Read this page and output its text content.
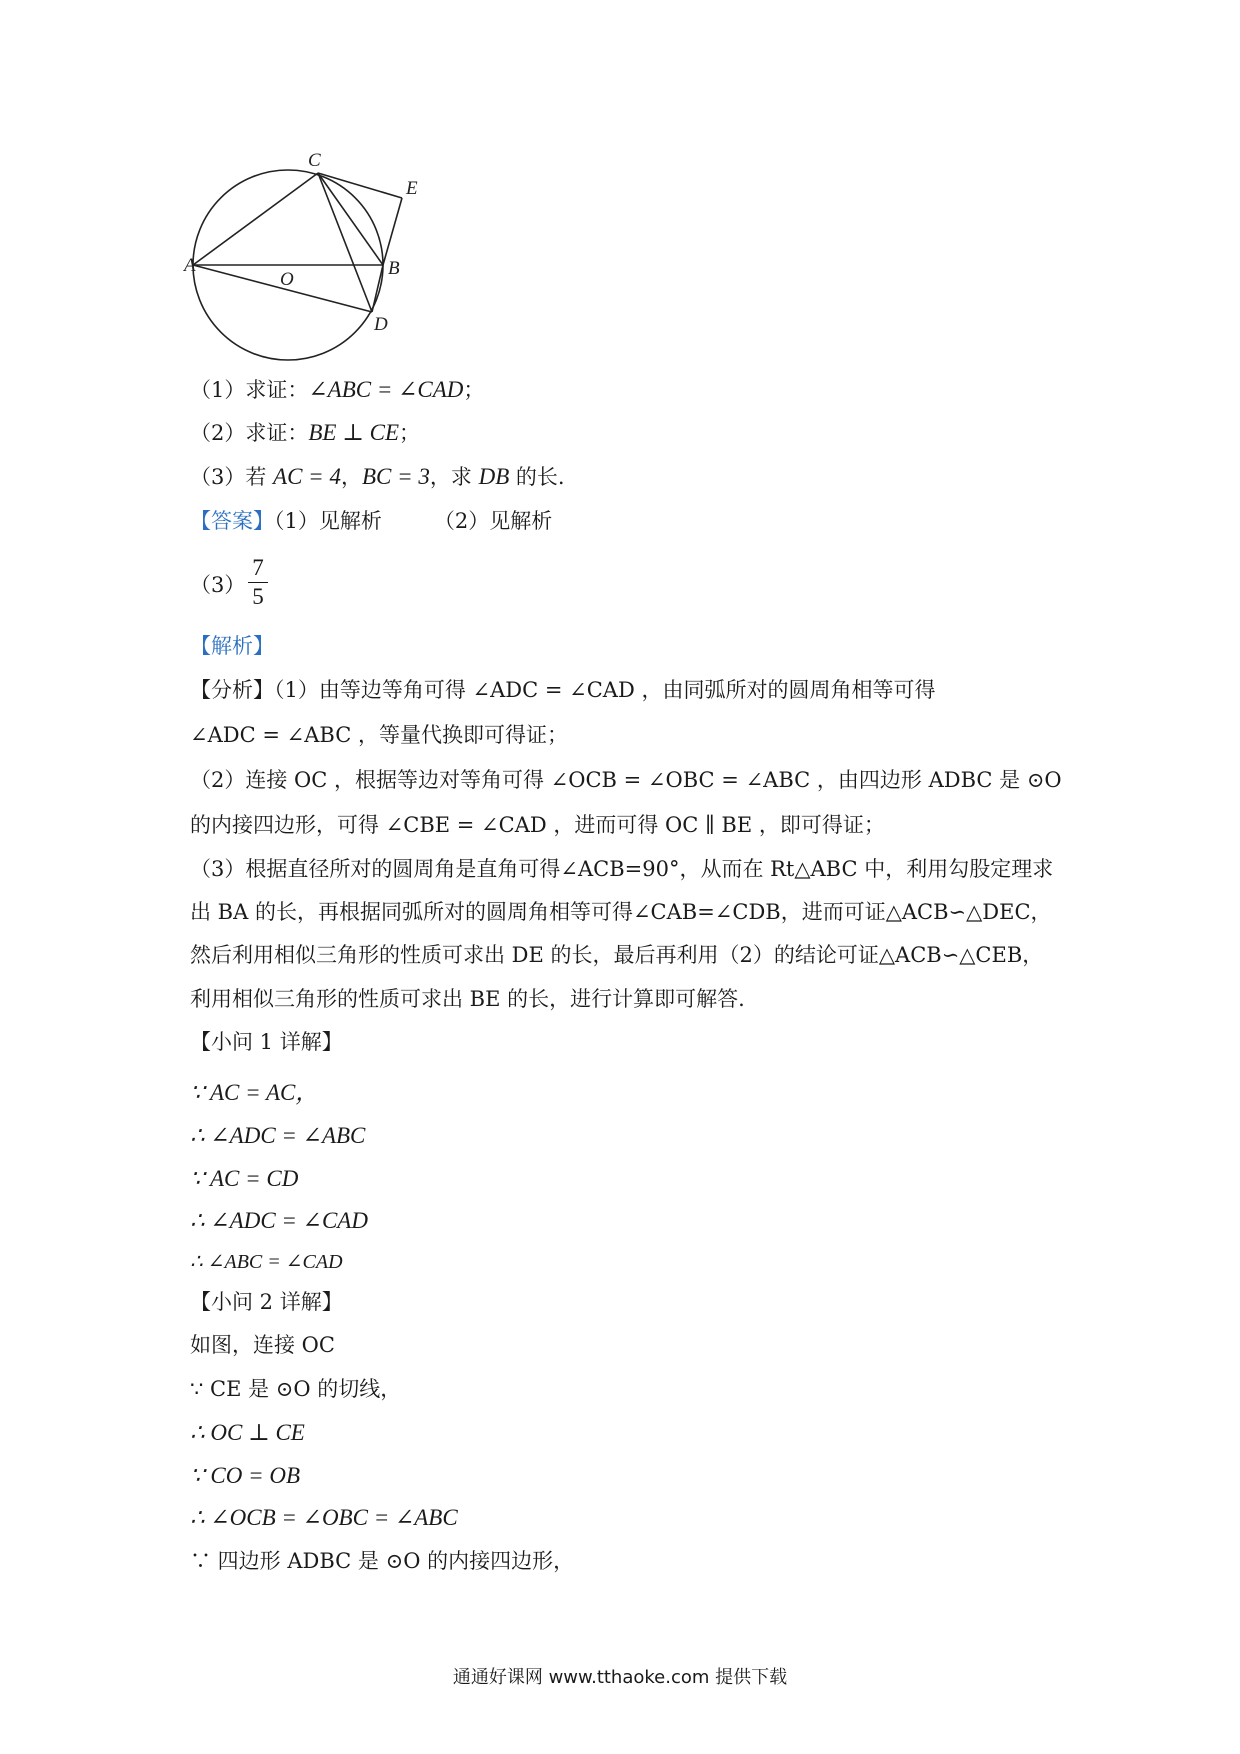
C
E
A
O
B
D
（1）求证：∠ABC = ∠CAD；
（2）求证：BE ⊥ CE；
（3）若 AC = 4，BC = 3，求 DB 的长.
【答案】（1）见解析 （2）见解析
（3）
7
5
【解析】
【分析】（1）由等边等角可得 ∠ADC = ∠CAD ，由同弧所对的圆周角相等可得
∠ADC = ∠ABC ，等量代换即可得证；
（2）连接 OC ，根据等边对等角可得 ∠OCB = ∠OBC = ∠ABC ，由四边形 ADBC 是 ⊙O
的内接四边形，可得 ∠CBE = ∠CAD ，进而可得 OC ∥ BE ，即可得证；
（3）根据直径所对的圆周角是直角可得∠ACB=90°，从而在 Rt△ABC 中，利用勾股定理求
出 BA 的长，再根据同弧所对的圆周角相等可得∠CAB=∠CDB，进而可证△ACB∽△DEC，
然后利用相似三角形的性质可求出 DE 的长，最后再利用（2）的结论可证△ACB∽△CEB，
利用相似三角形的性质可求出 BE 的长，进行计算即可解答.
【小问 1 详解】
∵ AC = AC，
∴ ∠ADC = ∠ABC
∵ AC = CD
∴ ∠ADC = ∠CAD
∴ ∠ABC = ∠CAD
【小问 2 详解】
如图，连接 OC
∵ CE 是 ⊙O 的切线，
∴ OC ⊥ CE
∵ CO = OB
∴ ∠OCB = ∠OBC = ∠ABC
∵ 四边形 ADBC 是 ⊙O 的内接四边形，
通通好课网 www.tthaoke.com 提供下载
